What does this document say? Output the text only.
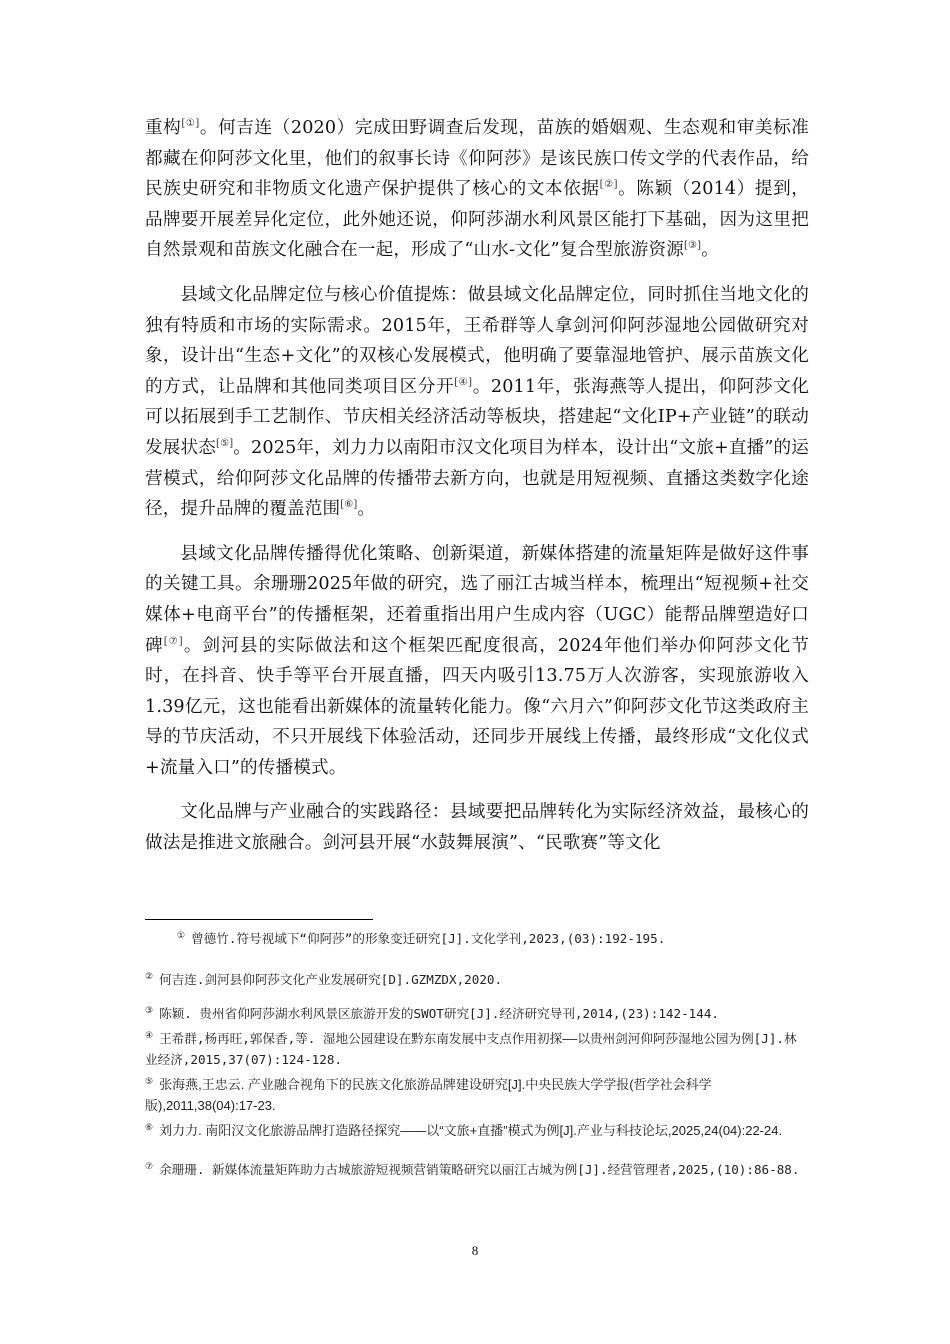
重构[①]。何吉连（2020）完成田野调查后发现，苗族的婚姻观、生态观和审美标准都藏在仰阿莎文化里，他们的叙事长诗《仰阿莎》是该民族口传文学的代表作品，给民族史研究和非物质文化遗产保护提供了核心的文本依据[②]。陈颖（2014）提到，品牌要开展差异化定位，此外她还说，仰阿莎湖水利风景区能打下基础，因为这里把自然景观和苗族文化融合在一起，形成了“山水-文化”复合型旅游资源[③]。

县域文化品牌定位与核心价值提炼：做县域文化品牌定位，同时抓住当地文化的独有特质和市场的实际需求。2015年，王希群等人拿剑河仰阿莎湿地公园做研究对象，设计出“生态+文化”的双核心发展模式，他明确了要靠湿地管护、展示苗族文化的方式，让品牌和其他同类项目区分开[④]。2011年，张海燕等人提出，仰阿莎文化可以拓展到手工艺制作、节庆相关经济活动等板块，搭建起“文化IP+产业链”的联动发展状态[⑤]。2025年，刘力力以南阳市汉文化项目为样本，设计出“文旅+直播”的运营模式，给仰阿莎文化品牌的传播带去新方向，也就是用短视频、直播这类数字化途径，提升品牌的覆盖范围[⑥]。

县域文化品牌传播得优化策略、创新渠道，新媒体搭建的流量矩阵是做好这件事的关键工具。余珊珊2025年做的研究，选了丽江古城当样本，梳理出“短视频+社交媒体+电商平台”的传播框架，还着重指出用户生成内容（UGC）能帮品牌塑造好口碑[⑦]。剑河县的实际做法和这个框架匹配度很高，2024年他们举办仰阿莎文化节时，在抖音、快手等平台开展直播，四天内吸引13.75万人次游客，实现旅游收入1.39亿元，这也能看出新媒体的流量转化能力。像“六月六”仰阿莎文化节这类政府主导的节庆活动，不只开展线下体验活动，还同步开展线上传播，最终形成“文化仪式+流量入口”的传播模式。

文化品牌与产业融合的实践路径：县域要把品牌转化为实际经济效益，最核心的做法是推进文旅融合。剑河县开展“水鼓舞展演”、“民歌赛”等文化

① 曾德竹.符号视域下“仰阿莎”的形象变迁研究[J].文化学刊,2023,(03):192-195.

② 何吉连.剑河县仰阿莎文化产业发展研究[D].GZMZDX,2020.

③ 陈颖. 贵州省仰阿莎湖水利风景区旅游开发的SWOT研究[J].经济研究导刊,2014,(23):142-144.

④ 王希群,杨再旺,郭保香,等. 湿地公园建设在黔东南发展中支点作用初探——以贵州剑河仰阿莎湿地公园为例[J].林业经济,2015,37(07):124-128.

⑤ 张海燕,王忠云. 产业融合视角下的民族文化旅游品牌建设研究[J].中央民族大学学报(哲学社会科学版),2011,38(04):17-23.

⑥ 刘力力. 南阳汉文化旅游品牌打造路径探究——以“文旅+直播”模式为例[J].产业与科技论坛,2025,24(04):22-24.

⑦ 余珊珊. 新媒体流量矩阵助力古城旅游短视频营销策略研究以丽江古城为例[J].经营管理者,2025,(10):86-88.

8
